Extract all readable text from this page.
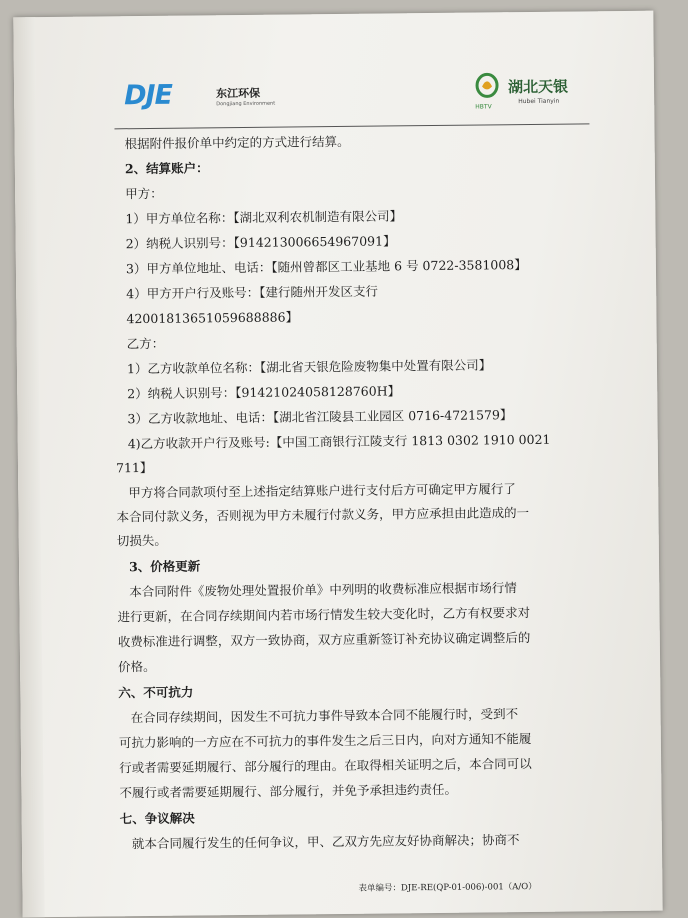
DJE	东江环保
Dongjiang Environment	HBTV
湖北天银
Hubei Tianyin
根据附件报价单中约定的方式进行结算。
2、结算账户：
甲方：
1）甲方单位名称：【湖北双利农机制造有限公司】
2）纳税人识别号：【914213006654967091】
3）甲方单位地址、电话：【随州曾都区工业基地 6 号 0722-3581008】
4）甲方开户行及账号：【建行随州开发区支行
42001813651059688886】
乙方：
1）乙方收款单位名称：【湖北省天银危险废物集中处置有限公司】
2）纳税人识别号：【91421024058128760H】
3）乙方收款地址、电话：【湖北省江陵县工业园区 0716-4721579】
4)乙方收款开户行及账号:【中国工商银行江陵支行 1813 0302 1910 0021
711】
甲方将合同款项付至上述指定结算账户进行支付后方可确定甲方履行了
本合同付款义务，否则视为甲方未履行付款义务，甲方应承担由此造成的一
切损失。
3、价格更新
本合同附件《废物处理处置报价单》中列明的收费标准应根据市场行情
进行更新，在合同存续期间内若市场行情发生较大变化时，乙方有权要求对
收费标准进行调整，双方一致协商，双方应重新签订补充协议确定调整后的
价格。
六、不可抗力
在合同存续期间，因发生不可抗力事件导致本合同不能履行时，受到不
可抗力影响的一方应在不可抗力的事件发生之后三日内，向对方通知不能履
行或者需要延期履行、部分履行的理由。在取得相关证明之后，本合同可以
不履行或者需要延期履行、部分履行，并免予承担违约责任。
七、争议解决
就本合同履行发生的任何争议，甲、乙双方先应友好协商解决；协商不
表单编号：DJE-RE(QP-01-006)-001（A/O）
